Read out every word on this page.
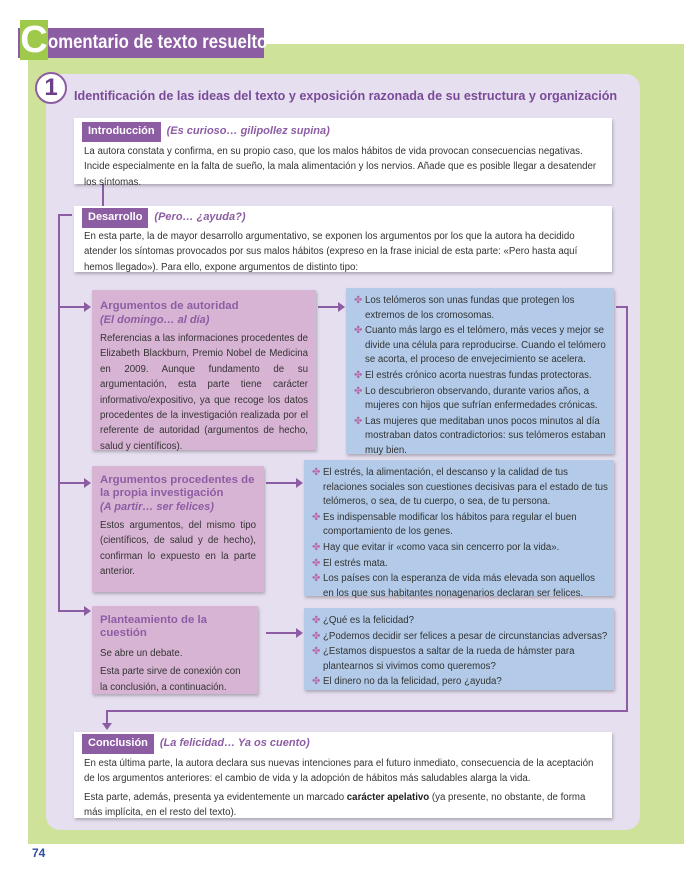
C omentario de texto resuelto
1	Identificación de las ideas del texto y exposición razonada de su estructura y organización
Introducción (Es curioso… gilipollez supina)

La autora constata y confirma, en su propio caso, que los malos hábitos de vida provocan consecuencias negativas. Incide especialmente en la falta de sueño, la mala alimentación y los nervios. Añade que es posible llegar a desatender los síntomas.

Desarrollo (Pero… ¿ayuda?)

En esta parte, la de mayor desarrollo argumentativo, se exponen los argumentos por los que la autora ha decidido atender los síntomas provocados por sus malos hábitos (expreso en la frase inicial de esta parte: «Pero hasta aquí hemos llegado»). Para ello, expone argumentos de distinto tipo:

Argumentos de autoridad
(El domingo… al día)

Referencias a las informaciones procedentes de Elizabeth Blackburn, Premio Nobel de Medicina en 2009. Aunque fundamento de su argumentación, esta parte tiene carácter informativo/expositivo, ya que recoge los datos procedentes de la investigación realizada por el referente de autoridad (argumentos de hecho, salud y científicos).

✤ Los telómeros son unas fundas que protegen los extremos de los cromosomas.
✤ Cuanto más largo es el telómero, más veces y mejor se divide una célula para reproducirse. Cuando el telómero se acorta, el proceso de envejecimiento se acelera.
✤ El estrés crónico acorta nuestras fundas protectoras.
✤ Lo descubrieron observando, durante varios años, a mujeres con hijos que sufrían enfermedades crónicas.
✤ Las mujeres que meditaban unos pocos minutos al día mostraban datos contradictorios: sus telómeros estaban muy bien.
Argumentos procedentes de la propia investigación
(A partir… ser felices)

Estos argumentos, del mismo tipo (científicos, de salud y de hecho), confirman lo expuesto en la parte anterior.

✤ El estrés, la alimentación, el descanso y la calidad de tus relaciones sociales son cuestiones decisivas para el estado de tus telómeros, o sea, de tu cuerpo, o sea, de tu persona.
✤ Es indispensable modificar los hábitos para regular el buen comportamiento de los genes.
✤ Hay que evitar ir «como vaca sin cencerro por la vida».
✤ El estrés mata.
✤ Los países con la esperanza de vida más elevada son aquellos en los que sus habitantes nonagenarios declaran ser felices.
Planteamiento de la cuestión

Se abre un debate.

Esta parte sirve de conexión con la conclusión, a continuación.

✤ ¿Qué es la felicidad?
✤ ¿Podemos decidir ser felices a pesar de circunstancias adversas?
✤ ¿Estamos dispuestos a saltar de la rueda de hámster para plantearnos si vivimos como queremos?
✤ El dinero no da la felicidad, pero ¿ayuda?
Conclusión (La felicidad… Ya os cuento)

En esta última parte, la autora declara sus nuevas intenciones para el futuro inmediato, consecuencia de la aceptación de los argumentos anteriores: el cambio de vida y la adopción de hábitos más saludables alarga la vida.

Esta parte, además, presenta ya evidentemente un marcado carácter apelativo (ya presente, no obstante, de forma más implícita, en el resto del texto).

74
